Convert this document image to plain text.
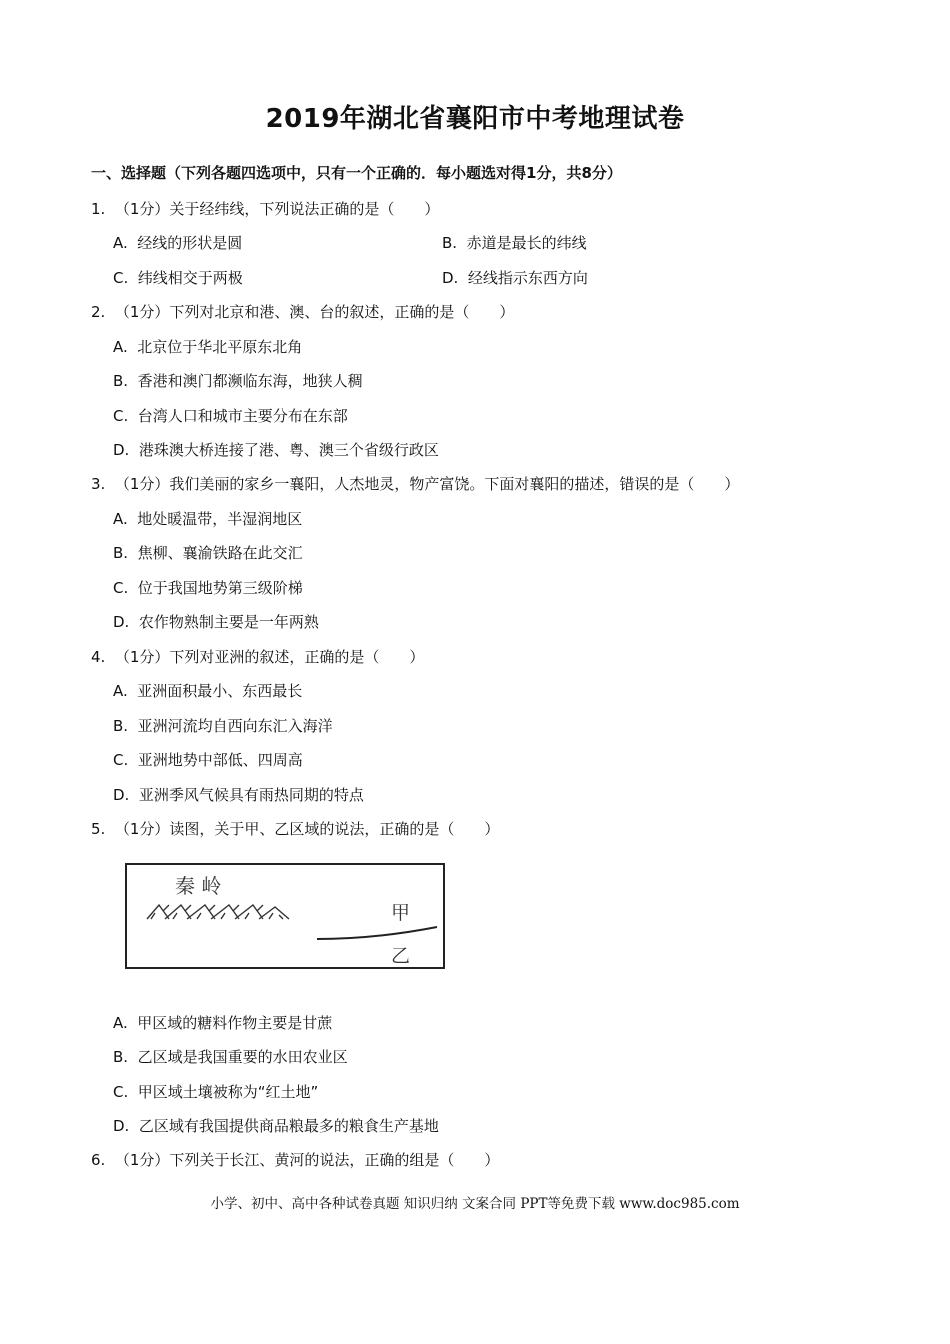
2019年湖北省襄阳市中考地理试卷
一、选择题（下列各题四选项中，只有一个正确的．每小题选对得1分，共8分）
1.  （1分）关于经纬线，下列说法正确的是（　　）
A.  经线的形状是圆	B.  赤道是最长的纬线
C.  纬线相交于两极	D.  经线指示东西方向
2.  （1分）下列对北京和港、澳、台的叙述，正确的是（　　）
A.  北京位于华北平原东北角
B.  香港和澳门都濒临东海，地狭人稠
C.  台湾人口和城市主要分布在东部
D.  港珠澳大桥连接了港、粤、澳三个省级行政区
3.  （1分）我们美丽的家乡一襄阳，人杰地灵，物产富饶。下面对襄阳的描述，错误的是（　　）
A.  地处暖温带，半湿润地区
B.  焦柳、襄渝铁路在此交汇
C.  位于我国地势第三级阶梯
D.  农作物熟制主要是一年两熟
4.  （1分）下列对亚洲的叙述，正确的是（　　）
A.  亚洲面积最小、东西最长
B.  亚洲河流均自西向东汇入海洋
C.  亚洲地势中部低、四周高
D.  亚洲季风气候具有雨热同期的特点
5.  （1分）读图，关于甲、乙区域的说法，正确的是（　　）
秦 岭
甲
乙
A.  甲区域的糖料作物主要是甘蔗
B.  乙区域是我国重要的水田农业区
C.  甲区域土壤被称为“红土地”
D.  乙区域有我国提供商品粮最多的粮食生产基地
6.  （1分）下列关于长江、黄河的说法，正确的组是（　　）
小学、初中、高中各种试卷真题 知识归纳 文案合同 PPT等免费下载 www.doc985.com
